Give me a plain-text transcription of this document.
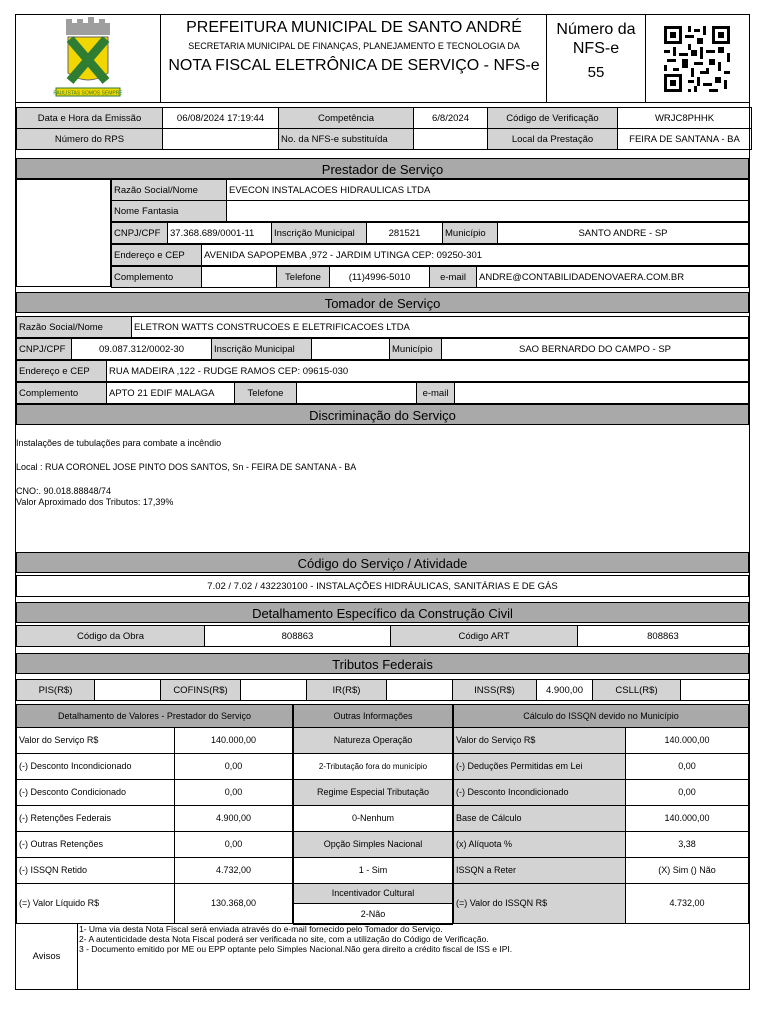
PAULISTAS SOMOS SEMPRE
PREFEITURA MUNICIPAL DE SANTO ANDRÉ
SECRETARIA MUNICIPAL DE FINANÇAS, PLANEJAMENTO E TECNOLOGIA DA
NOTA FISCAL ELETRÔNICA DE SERVIÇO - NFS-e
Número da NFS-e
55
Data e Hora da Emissão	06/08/2024 17:19:44	Competência	6/8/2024	Código de Verificação	WRJC8PHHK
Número do RPS		No. da NFS-e substituída		Local da Prestação	FEIRA DE SANTANA - BA
Prestador de Serviço
Razão Social/Nome	EVECON INSTALACOES HIDRAULICAS LTDA
Nome Fantasia	
CNPJ/CPF	37.368.689/0001-11	Inscrição Municipal	281521	Município	SANTO ANDRE - SP
Endereço e CEP	AVENIDA SAPOPEMBA ,972 - JARDIM UTINGA CEP: 09250-301
Complemento		Telefone	(11)4996-5010	e-mail	ANDRE@CONTABILIDADENOVAERA.COM.BR
Tomador de Serviço
Razão Social/Nome	ELETRON WATTS CONSTRUCOES E ELETRIFICACOES LTDA
CNPJ/CPF	09.087.312/0002-30	Inscrição Municipal		Município	SAO BERNARDO DO CAMPO - SP
Endereço e CEP	RUA MADEIRA ,122 - RUDGE RAMOS CEP: 09615-030
Complemento	APTO 21 EDIF MALAGA	Telefone		e-mail	
Discriminação do Serviço
Instalações de tubulações para combate a incêndio
Local : RUA CORONEL JOSE PINTO DOS SANTOS, Sn - FEIRA DE SANTANA - BA
CNO:. 90.018.88848/74
Valor Aproximado dos Tributos: 17,39%
Código do Serviço / Atividade
7.02 / 7.02 / 432230100 - INSTALAÇÕES HIDRÁULICAS, SANITÁRIAS E DE GÁS
Detalhamento Específico da Construção Civil
Código da Obra	808863	Código ART	808863
Tributos Federais
PIS(R$)		COFINS(R$)		IR(R$)		INSS(R$)	4.900,00	CSLL(R$)	
Detalhamento de Valores - Prestador do Serviço	
Valor do Serviço R$	140.000,00
(-) Desconto Incondicionado	0,00
(-) Desconto Condicionado	0,00
(-) Retenções Federais	4.900,00
(-) Outras Retenções	0,00
(-) ISSQN Retido	4.732,00
(=) Valor Líquido R$	130.368,00
Outras Informações
Natureza Operação
2-Tributação fora do município
Regime Especial Tributação
0-Nenhum
Opção Simples Nacional
1 - Sim
Incentivador Cultural
2-Não
Cálculo do ISSQN devido no Município	
Valor do Serviço R$	140.000,00
(-) Deduções Permitidas em Lei	0,00
(-) Desconto Incondicionado	0,00
Base de Cálculo	140.000,00
(x) Alíquota %	3,38
ISSQN a Reter	(X) Sim () Não
(=) Valor do ISSQN R$	4.732,00
Avisos
1- Uma via desta Nota Fiscal será enviada através do e-mail fornecido pelo Tomador do Serviço.
2- A autenticidade desta Nota Fiscal poderá ser verificada no site, com a utilização do Código de Verificação.
3 - Documento emitido por ME ou EPP optante pelo Simples Nacional.Não gera direito a crédito fiscal de ISS e IPI.
